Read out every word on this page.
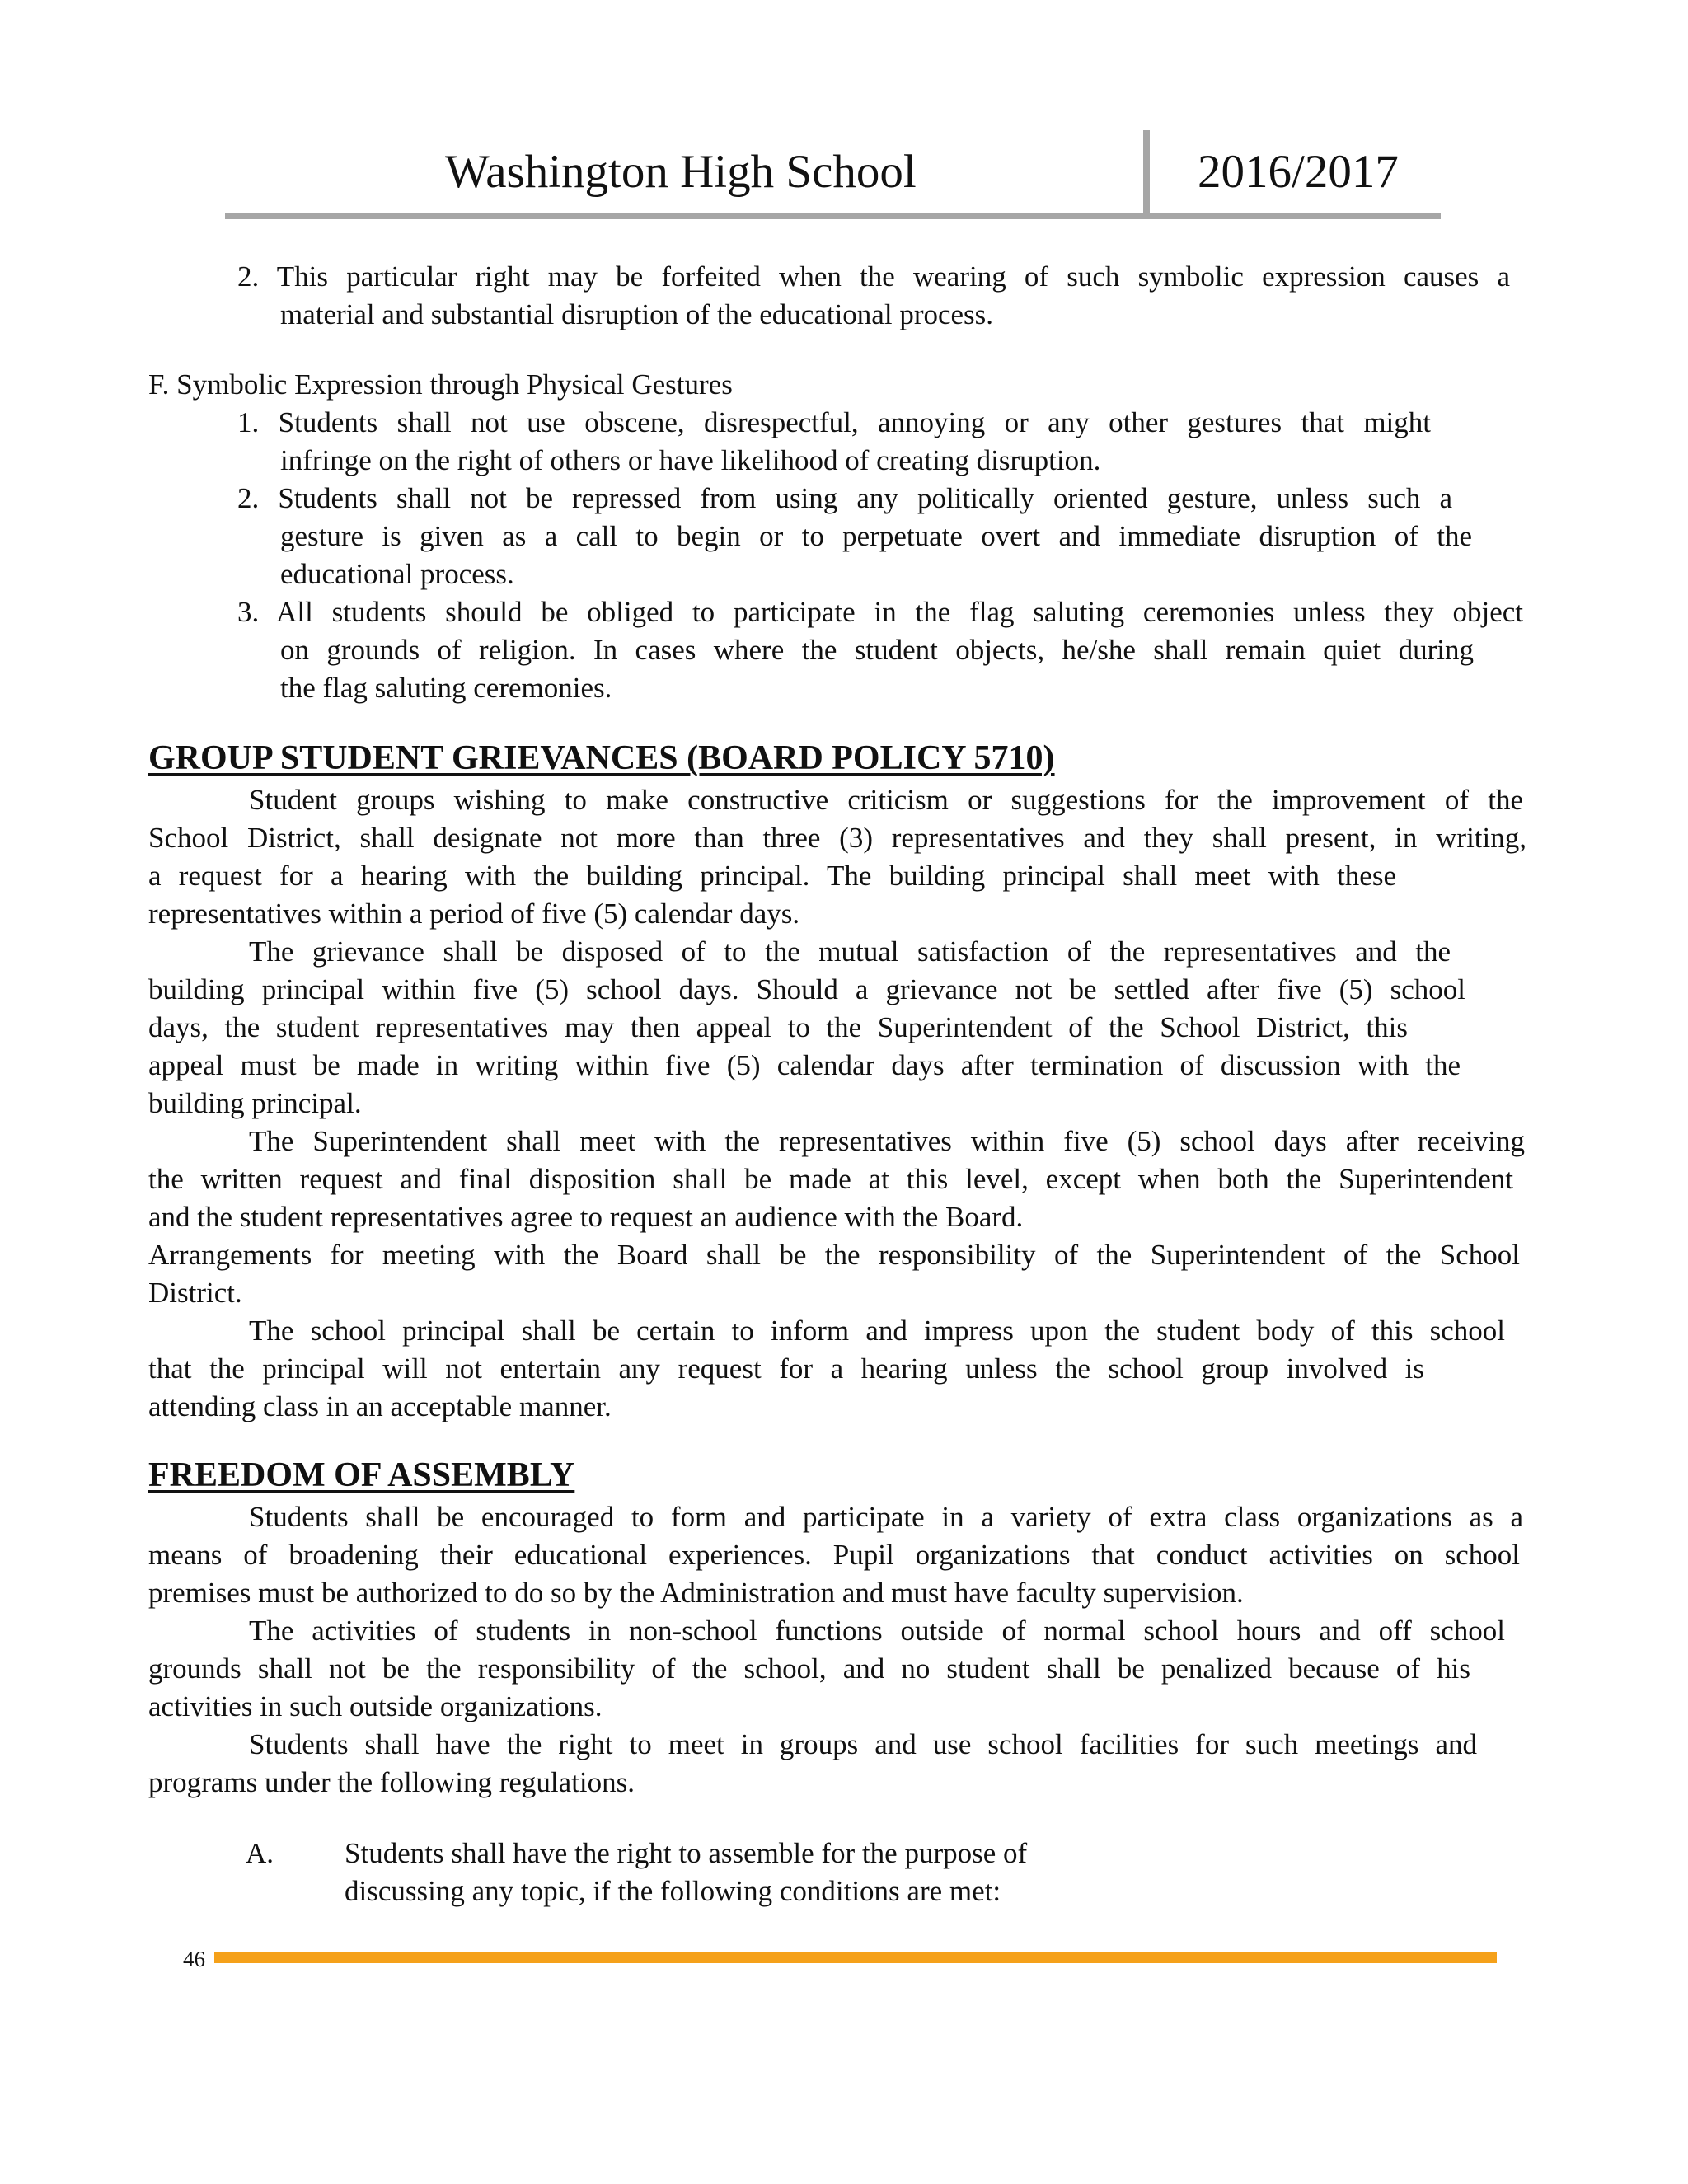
Washington High School	2016/2017
2. This particular right may be forfeited when the wearing of such symbolic expression causes a
material and substantial disruption of the educational process.
F. Symbolic Expression through Physical Gestures
1. Students shall not use obscene, disrespectful, annoying or any other gestures that might
infringe on the right of others or have likelihood of creating disruption.
2. Students shall not be repressed from using any politically oriented gesture, unless such a
gesture is given as a call to begin or to perpetuate overt and immediate disruption of the
educational process.
3. All students should be obliged to participate in the flag saluting ceremonies unless they object
on grounds of religion. In cases where the student objects, he/she shall remain quiet during
the flag saluting ceremonies.
GROUP STUDENT GRIEVANCES (BOARD POLICY 5710)
Student groups wishing to make constructive criticism or suggestions for the improvement of the
School District, shall designate not more than three (3) representatives and they shall present, in writing,
a request for a hearing with the building principal. The building principal shall meet with these
representatives within a period of five (5) calendar days.
The grievance shall be disposed of to the mutual satisfaction of the representatives and the
building principal within five (5) school days. Should a grievance not be settled after five (5) school
days, the student representatives may then appeal to the Superintendent of the School District, this
appeal must be made in writing within five (5) calendar days after termination of discussion with the
building principal.
The Superintendent shall meet with the representatives within five (5) school days after receiving
the written request and final disposition shall be made at this level, except when both the Superintendent
and the student representatives agree to request an audience with the Board.
Arrangements for meeting with the Board shall be the responsibility of the Superintendent of the School
District.
The school principal shall be certain to inform and impress upon the student body of this school
that the principal will not entertain any request for a hearing unless the school group involved is
attending class in an acceptable manner.
FREEDOM OF ASSEMBLY
Students shall be encouraged to form and participate in a variety of extra class organizations as a
means of broadening their educational experiences. Pupil organizations that conduct activities on school
premises must be authorized to do so by the Administration and must have faculty supervision.
The activities of students in non-school functions outside of normal school hours and off school
grounds shall not be the responsibility of the school, and no student shall be penalized because of his
activities in such outside organizations.
Students shall have the right to meet in groups and use school facilities for such meetings and
programs under the following regulations.
A. Students shall have the right to assemble for the purpose of
discussing any topic, if the following conditions are met:
46
